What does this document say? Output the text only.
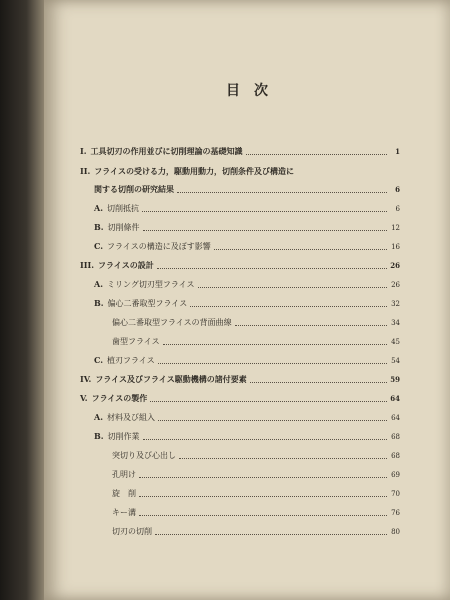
目　次
I. 工具切刃の作用並びに切削理論の基礎知識	1
II. フライスの受ける力，駆動用動力，切削条件及び構造に
関する切削の研究結果	6
A. 切削抵抗	6
B. 切削條件	12
C. フライスの構造に及ぼす影響	16
III. フライスの設計	26
A. ミリング切刃型フライス	26
B. 偏心二番取型フライス	32
偏心二番取型フライスの背面曲線	34
歯型フライス	45
C. 植刃フライス	54
IV. フライス及びフライス駆動機構の諸付要素	59
V. フライスの製作	64
A. 材料及び組入	64
B. 切削作業	68
突切り及び心出し	68
孔明け	69
旋　削	70
キー溝	76
切刃の切削	80
